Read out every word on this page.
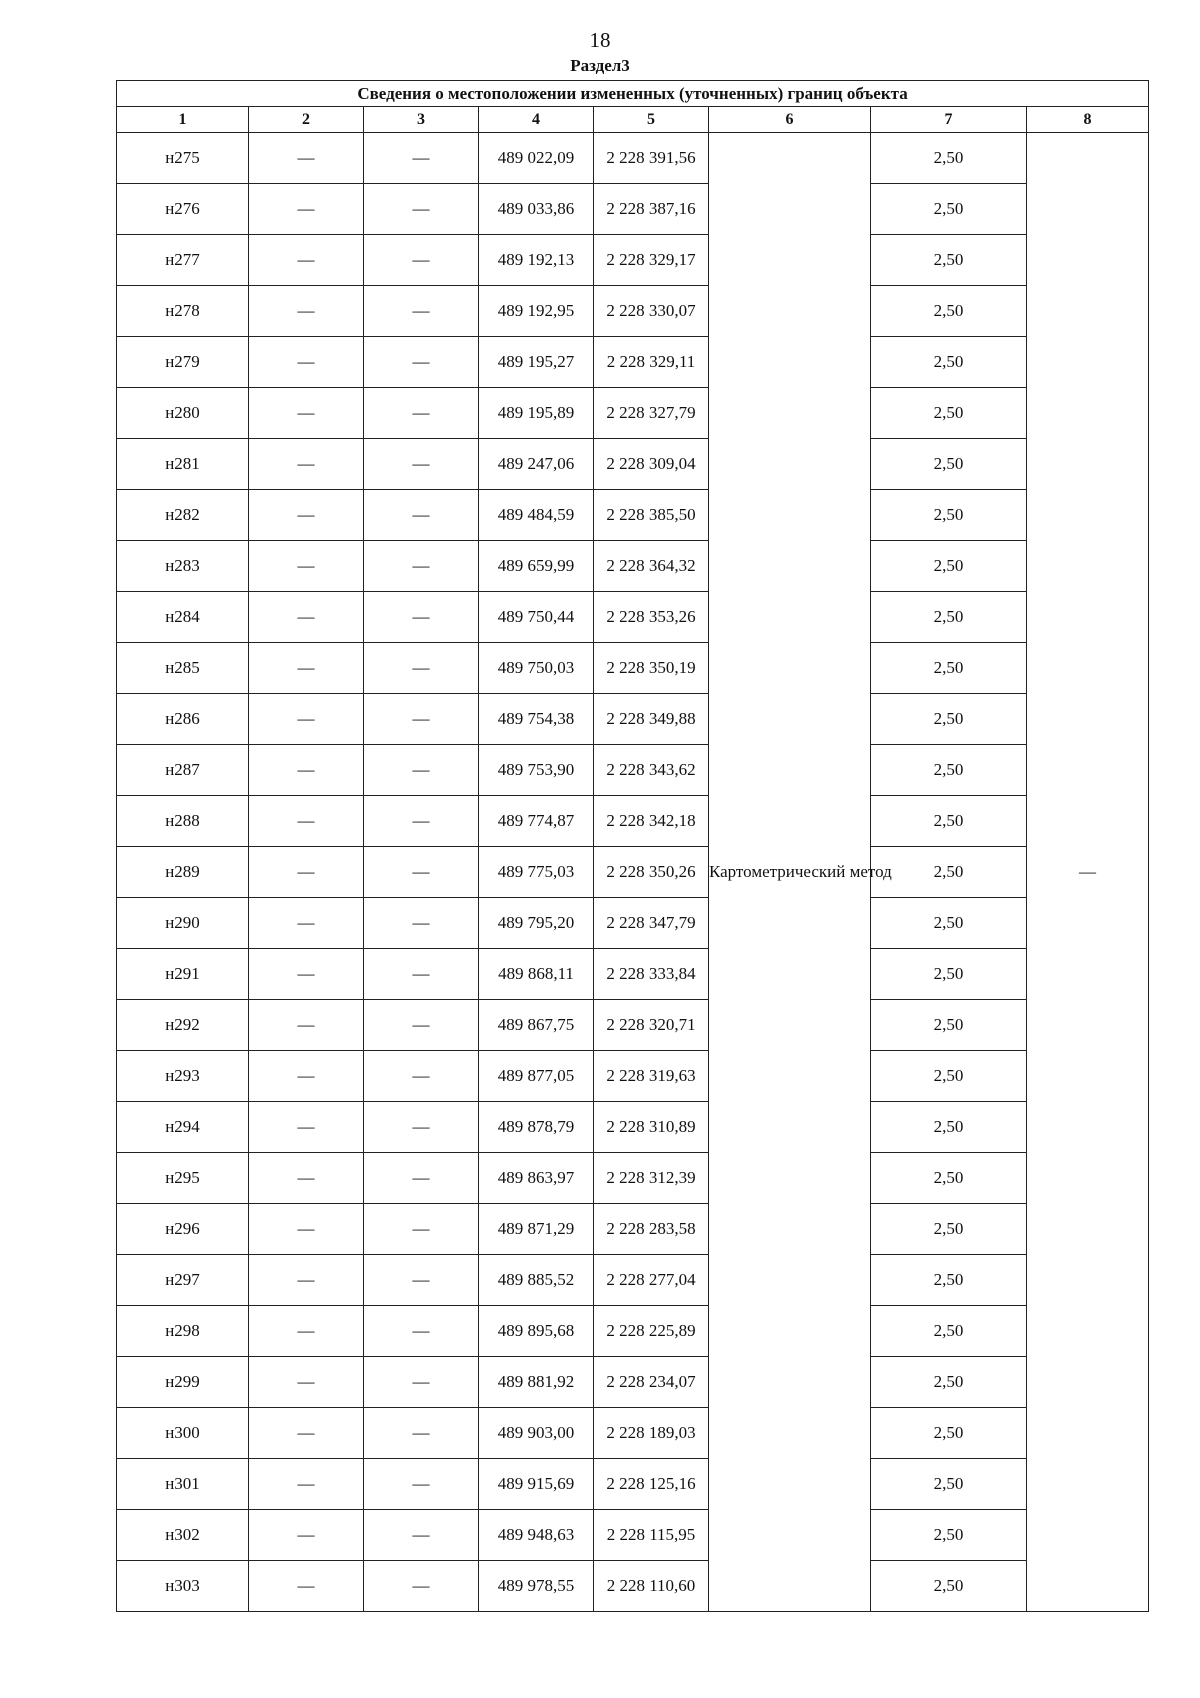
18
Раздел3
Сведения о местоположении измененных (уточненных) границ объекта							
1	2	3	4	5	6	7	8
н275	—	—	489 022,09	2 228 391,56	Картометрический метод	2,50	—
н276	—	—	489 033,86	2 228 387,16		2,50	
н277	—	—	489 192,13	2 228 329,17		2,50	
н278	—	—	489 192,95	2 228 330,07		2,50	
н279	—	—	489 195,27	2 228 329,11		2,50	
н280	—	—	489 195,89	2 228 327,79		2,50	
н281	—	—	489 247,06	2 228 309,04		2,50	
н282	—	—	489 484,59	2 228 385,50		2,50	
н283	—	—	489 659,99	2 228 364,32		2,50	
н284	—	—	489 750,44	2 228 353,26		2,50	
н285	—	—	489 750,03	2 228 350,19		2,50	
н286	—	—	489 754,38	2 228 349,88		2,50	
н287	—	—	489 753,90	2 228 343,62		2,50	
н288	—	—	489 774,87	2 228 342,18		2,50	
н289	—	—	489 775,03	2 228 350,26		2,50	
н290	—	—	489 795,20	2 228 347,79		2,50	
н291	—	—	489 868,11	2 228 333,84		2,50	
н292	—	—	489 867,75	2 228 320,71		2,50	
н293	—	—	489 877,05	2 228 319,63		2,50	
н294	—	—	489 878,79	2 228 310,89		2,50	
н295	—	—	489 863,97	2 228 312,39		2,50	
н296	—	—	489 871,29	2 228 283,58		2,50	
н297	—	—	489 885,52	2 228 277,04		2,50	
н298	—	—	489 895,68	2 228 225,89		2,50	
н299	—	—	489 881,92	2 228 234,07		2,50	
н300	—	—	489 903,00	2 228 189,03		2,50	
н301	—	—	489 915,69	2 228 125,16		2,50	
н302	—	—	489 948,63	2 228 115,95		2,50	
н303	—	—	489 978,55	2 228 110,60		2,50	
